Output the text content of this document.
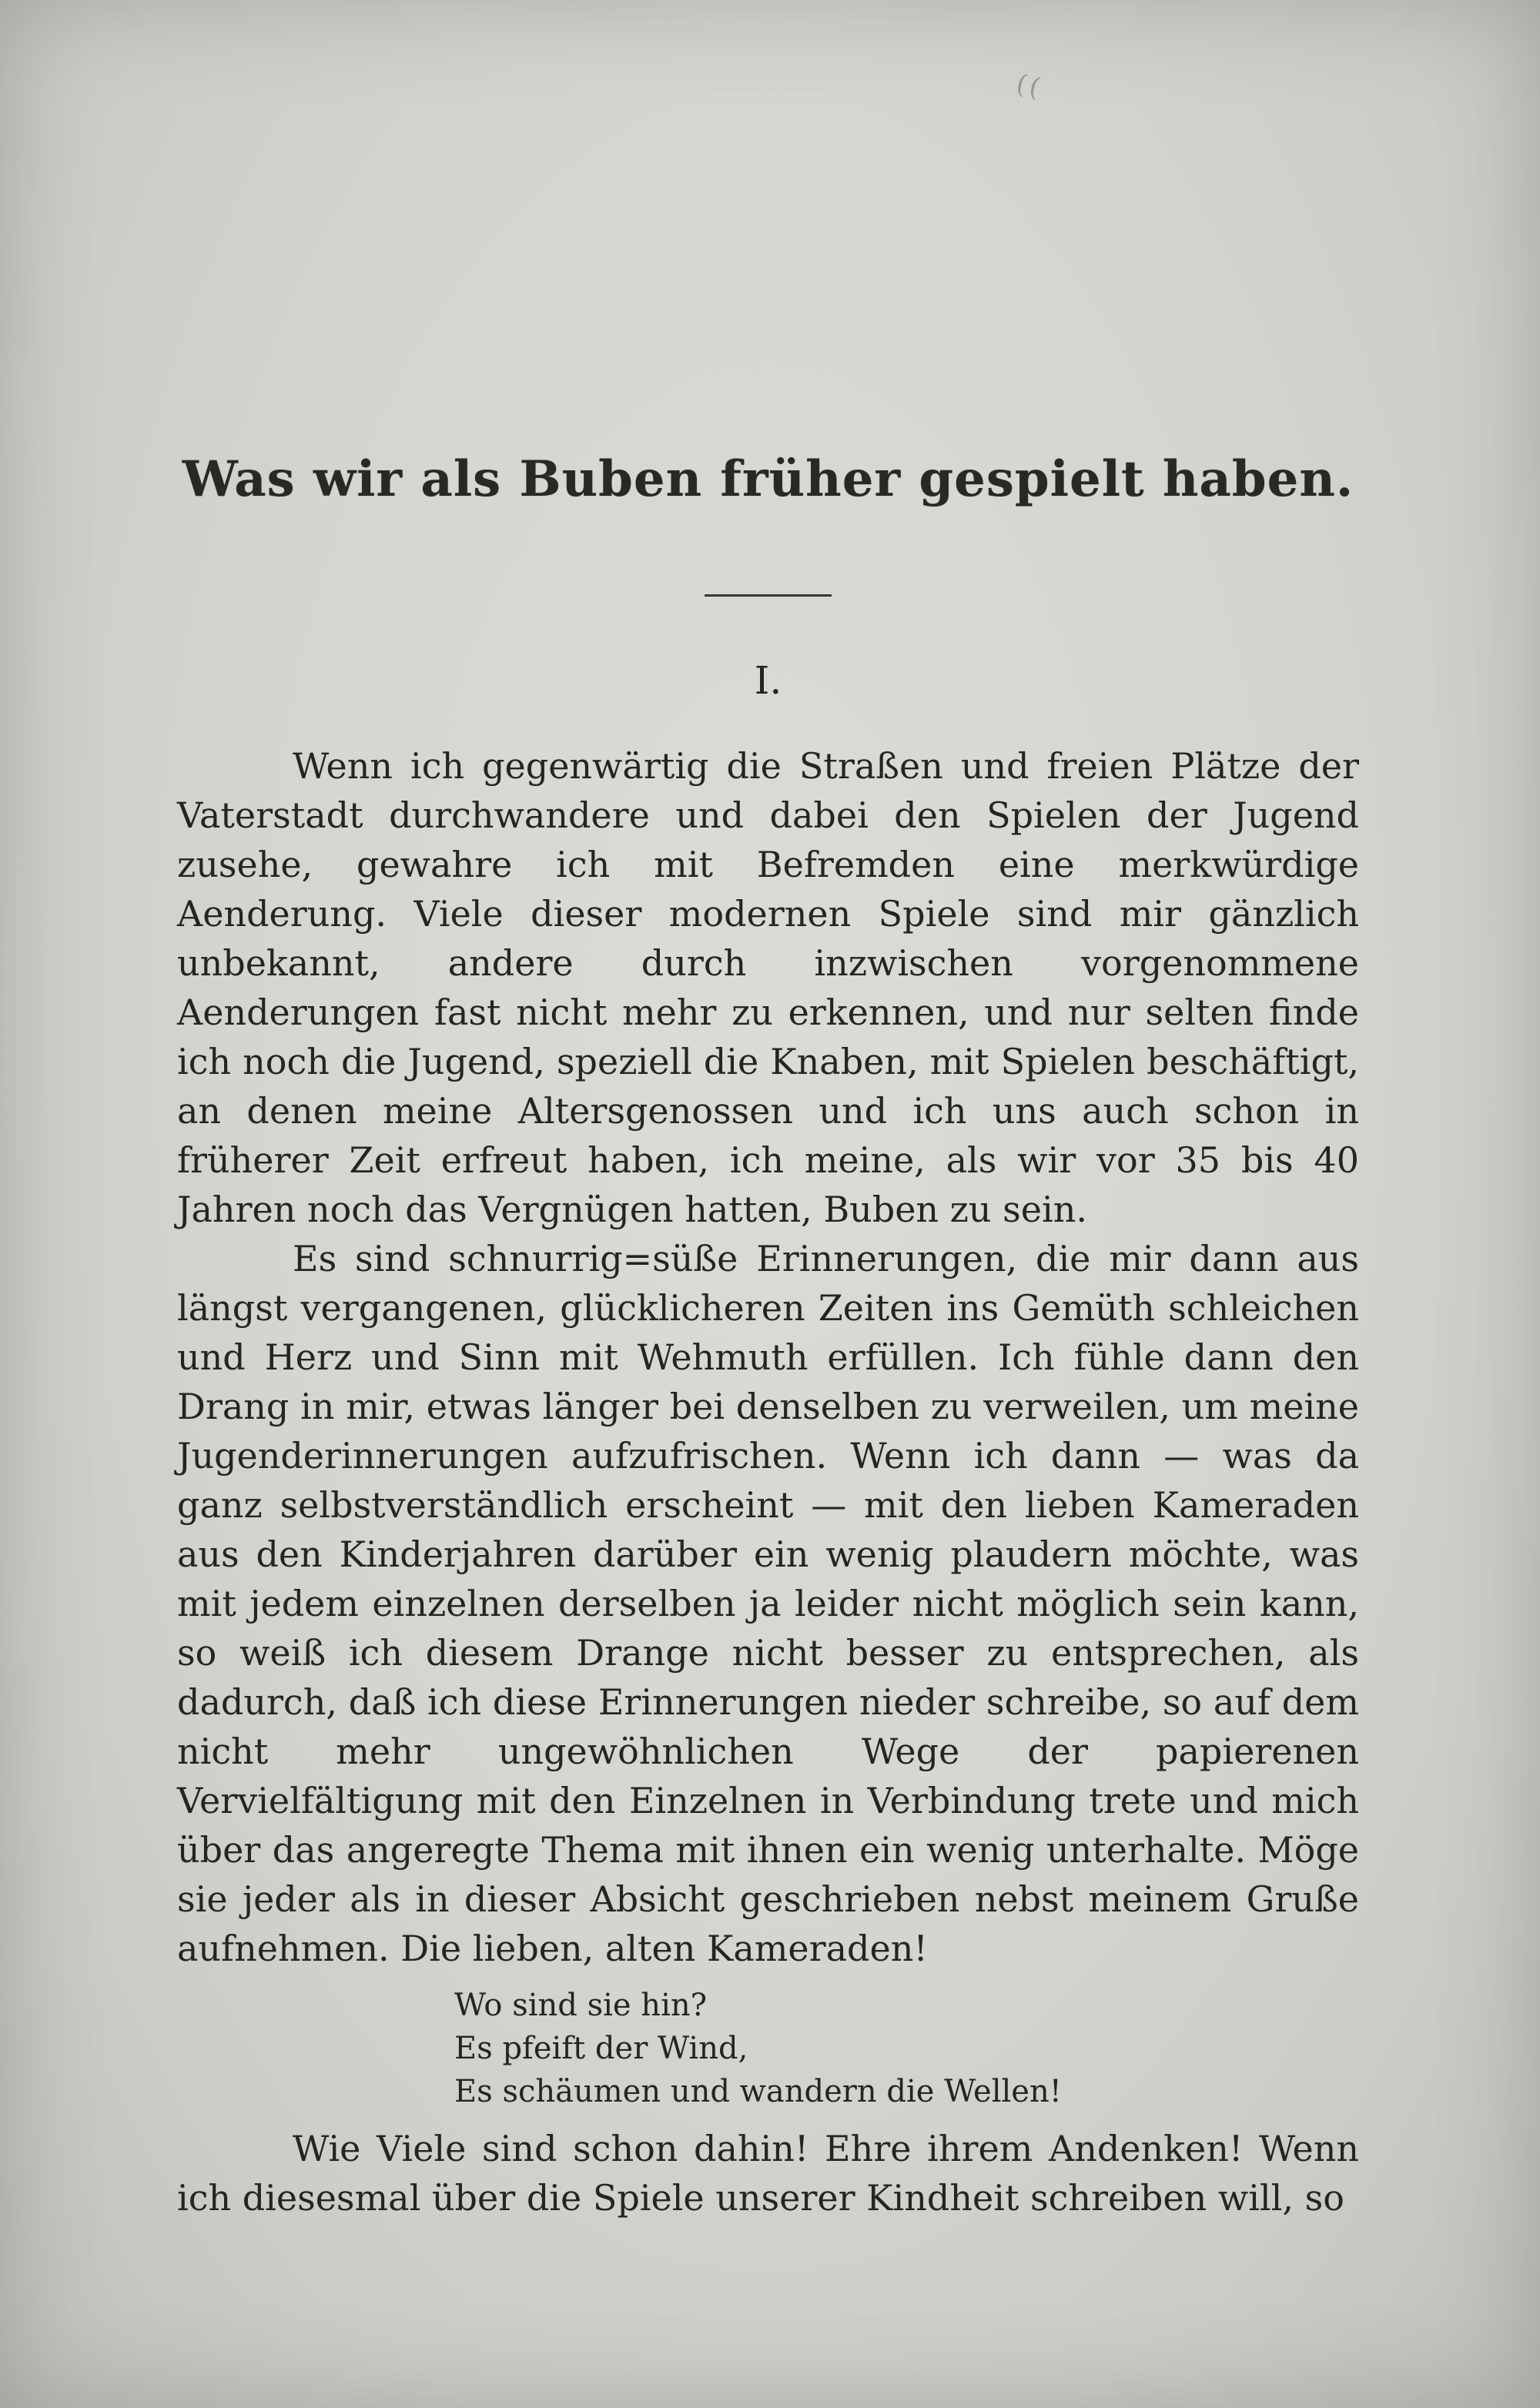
((
Was wir als Buben früher gespielt haben.
I.

Wenn ich gegenwärtig die Straßen und freien Plätze der Vaterstadt durchwandere und dabei den Spielen der Jugend zusehe, gewahre ich mit Befremden eine merkwürdige Aenderung. Viele dieser modernen Spiele sind mir gänzlich unbekannt, andere durch inzwischen vorgenommene Aenderungen fast nicht mehr zu erkennen, und nur selten finde ich noch die Jugend, speziell die Knaben, mit Spielen beschäftigt, an denen meine Altersgenossen und ich uns auch schon in früherer Zeit erfreut haben, ich meine, als wir vor 35 bis 40 Jahren noch das Vergnügen hatten, Buben zu sein.

Es sind schnurrig=süße Erinnerungen, die mir dann aus längst vergangenen, glücklicheren Zeiten ins Gemüth schleichen und Herz und Sinn mit Wehmuth erfüllen. Ich fühle dann den Drang in mir, etwas länger bei denselben zu verweilen, um meine Jugenderinnerungen aufzufrischen. Wenn ich dann — was da ganz selbstverständlich erscheint — mit den lieben Kameraden aus den Kinderjahren darüber ein wenig plaudern möchte, was mit jedem einzelnen derselben ja leider nicht möglich sein kann, so weiß ich diesem Drange nicht besser zu entsprechen, als dadurch, daß ich diese Erinnerungen nieder schreibe, so auf dem nicht mehr ungewöhnlichen Wege der papierenen Vervielfältigung mit den Einzelnen in Verbindung trete und mich über das angeregte Thema mit ihnen ein wenig unterhalte. Möge sie jeder als in dieser Absicht geschrieben nebst meinem Gruße aufnehmen. Die lieben, alten Kameraden!

Wo sind sie hin?

Es pfeift der Wind,

Es schäumen und wandern die Wellen!

Wie Viele sind schon dahin! Ehre ihrem Andenken! Wenn ich diesesmal über die Spiele unserer Kindheit schreiben will, so
